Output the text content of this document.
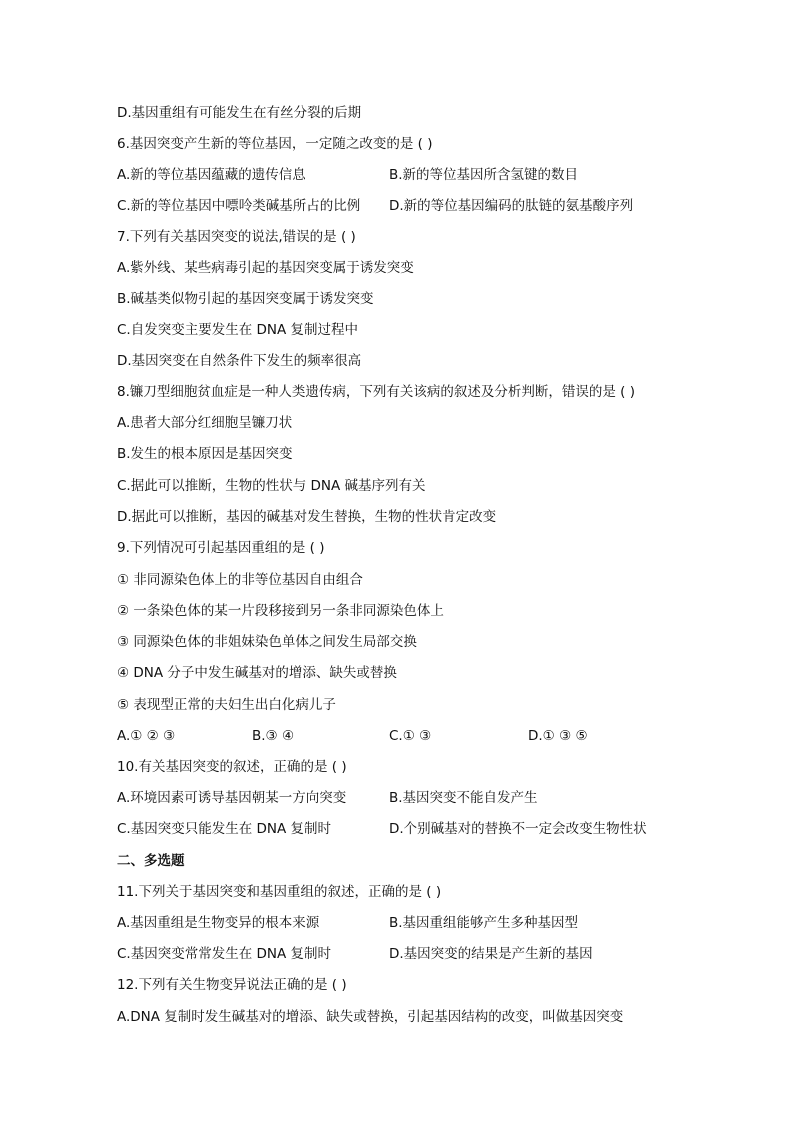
D.基因重组有可能发生在有丝分裂的后期
6.基因突变产生新的等位基因，一定随之改变的是 ( )
A.新的等位基因蕴藏的遗传信息	B.新的等位基因所含氢键的数目
C.新的等位基因中嘌呤类碱基所占的比例 D.新的等位基因编码的肽链的氨基酸序列
7.下列有关基因突变的说法,错误的是 ( )
A.紫外线、某些病毒引起的基因突变属于诱发突变
B.碱基类似物引起的基因突变属于诱发突变
C.自发突变主要发生在 DNA 复制过程中
D.基因突变在自然条件下发生的频率很高
8.镰刀型细胞贫血症是一种人类遗传病，下列有关该病的叙述及分析判断，错误的是 ( )
A.患者大部分红细胞呈镰刀状
B.发生的根本原因是基因突变
C.据此可以推断，生物的性状与 DNA 碱基序列有关
D.据此可以推断，基因的碱基对发生替换，生物的性状肯定改变
9.下列情况可引起基因重组的是 ( )
① 非同源染色体上的非等位基因自由组合
② 一条染色体的某一片段移接到另一条非同源染色体上
③ 同源染色体的非姐妹染色单体之间发生局部交换
④ DNA 分子中发生碱基对的增添、缺失或替换
⑤ 表现型正常的夫妇生出白化病儿子
A.① ② ③	B.③ ④	C.① ③	D.① ③ ⑤
10.有关基因突变的叙述，正确的是 ( )
A.环境因素可诱导基因朝某一方向突变	B.基因突变不能自发产生
C.基因突变只能发生在 DNA 复制时	D.个别碱基对的替换不一定会改变生物性状
二、多选题
11.下列关于基因突变和基因重组的叙述，正确的是 ( )
A.基因重组是生物变异的根本来源	B.基因重组能够产生多种基因型
C.基因突变常常发生在 DNA 复制时	D.基因突变的结果是产生新的基因
12.下列有关生物变异说法正确的是 ( )
A.DNA 复制时发生碱基对的增添、缺失或替换，引起基因结构的改变，叫做基因突变
